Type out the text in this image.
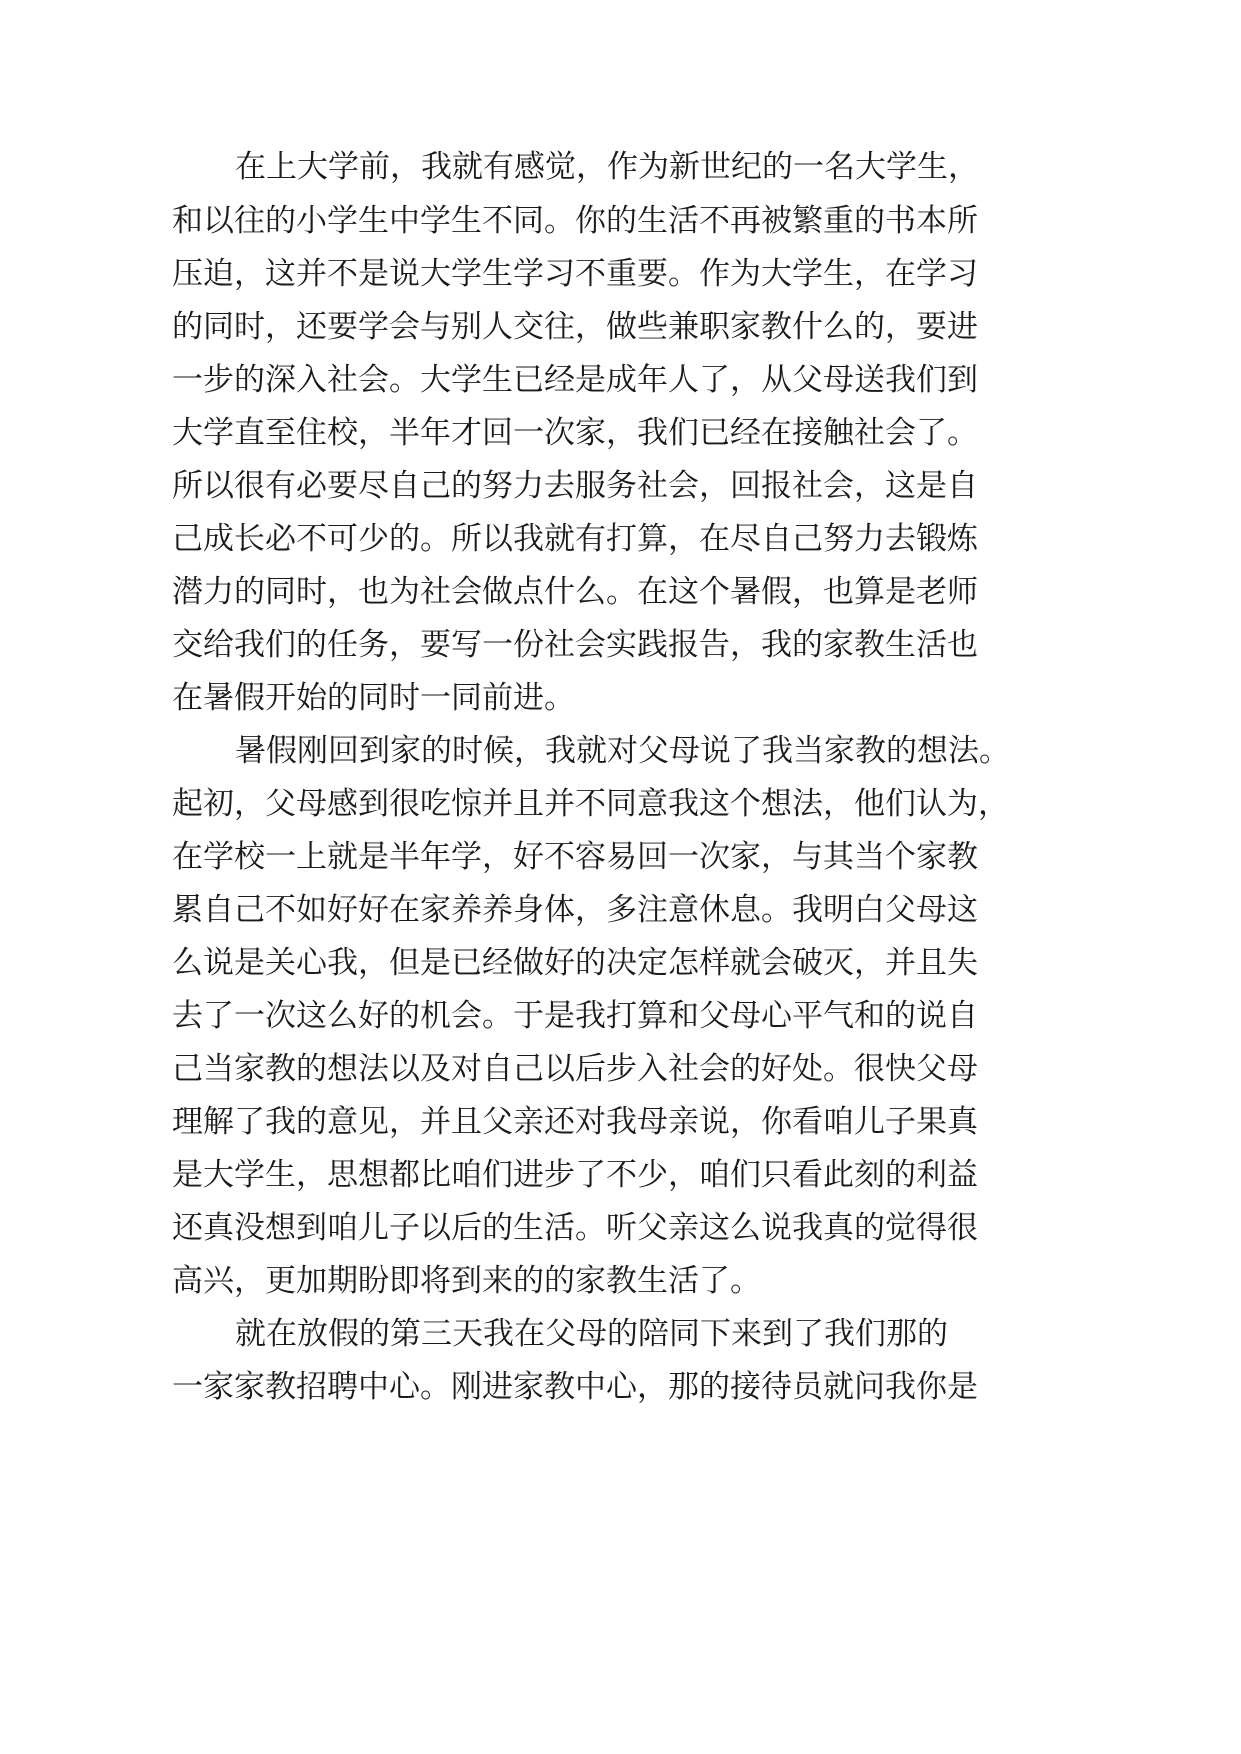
在上大学前，我就有感觉，作为新世纪的一名大学生，
和以往的小学生中学生不同。你的生活不再被繁重的书本所
压迫，这并不是说大学生学习不重要。作为大学生，在学习
的同时，还要学会与别人交往，做些兼职家教什么的，要进
一步的深入社会。大学生已经是成年人了，从父母送我们到
大学直至住校，半年才回一次家，我们已经在接触社会了。
所以很有必要尽自己的努力去服务社会，回报社会，这是自
己成长必不可少的。所以我就有打算，在尽自己努力去锻炼
潜力的同时，也为社会做点什么。在这个暑假，也算是老师
交给我们的任务，要写一份社会实践报告，我的家教生活也
在暑假开始的同时一同前进。
暑假刚回到家的时候，我就对父母说了我当家教的想法。
起初，父母感到很吃惊并且并不同意我这个想法，他们认为，
在学校一上就是半年学，好不容易回一次家，与其当个家教
累自己不如好好在家养养身体，多注意休息。我明白父母这
么说是关心我，但是已经做好的决定怎样就会破灭，并且失
去了一次这么好的机会。于是我打算和父母心平气和的说自
己当家教的想法以及对自己以后步入社会的好处。很快父母
理解了我的意见，并且父亲还对我母亲说，你看咱儿子果真
是大学生，思想都比咱们进步了不少，咱们只看此刻的利益
还真没想到咱儿子以后的生活。听父亲这么说我真的觉得很
高兴，更加期盼即将到来的的家教生活了。
就在放假的第三天我在父母的陪同下来到了我们那的
一家家教招聘中心。刚进家教中心，那的接待员就问我你是
